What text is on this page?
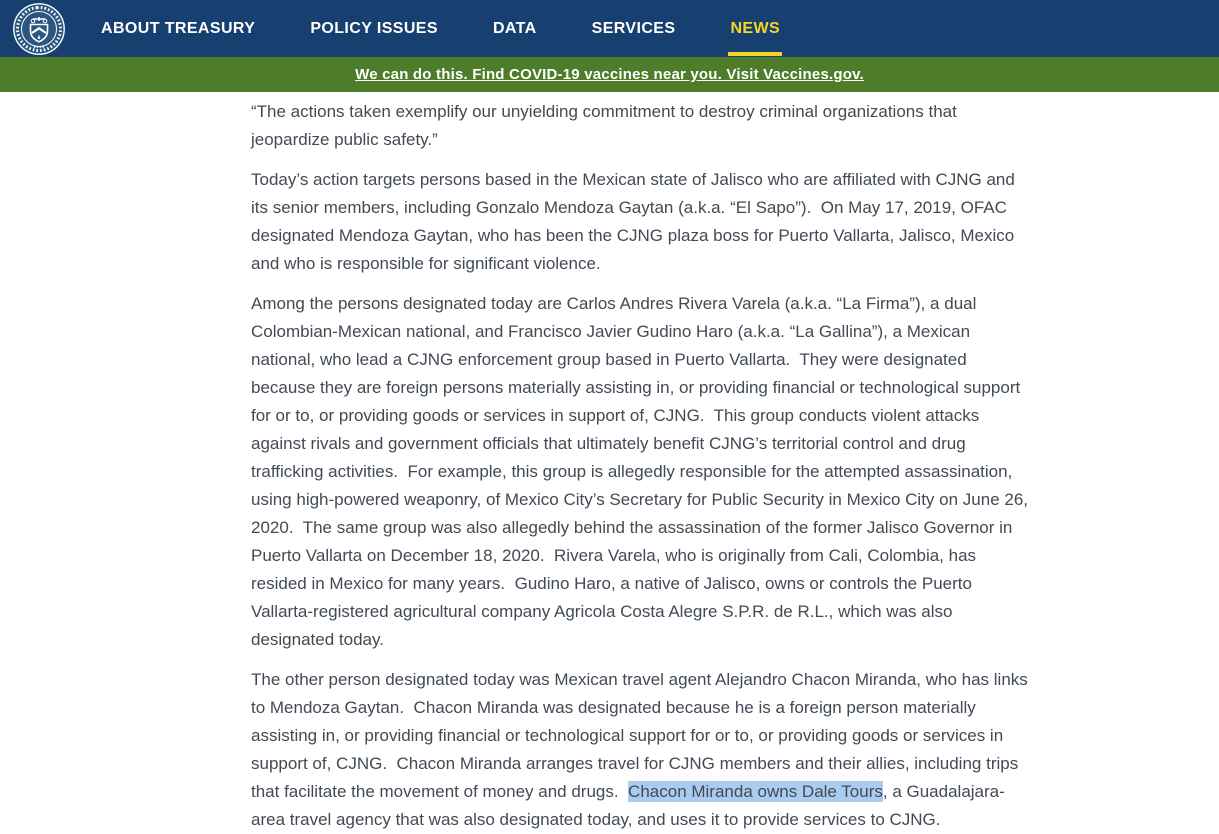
ABOUT TREASURY	POLICY ISSUES	DATA	SERVICES	NEWS
We can do this. Find COVID-19 vaccines near you. Visit Vaccines.gov.

“The actions taken exemplify our unyielding commitment to destroy criminal organizations that jeopardize public safety.”

Today’s action targets persons based in the Mexican state of Jalisco who are affiliated with CJNG and its senior members, including Gonzalo Mendoza Gaytan (a.k.a. “El Sapo”).  On May 17, 2019, OFAC designated Mendoza Gaytan, who has been the CJNG plaza boss for Puerto Vallarta, Jalisco, Mexico and who is responsible for significant violence.

Among the persons designated today are Carlos Andres Rivera Varela (a.k.a. “La Firma”), a dual Colombian-Mexican national, and Francisco Javier Gudino Haro (a.k.a. “La Gallina”), a Mexican national, who lead a CJNG enforcement group based in Puerto Vallarta.  They were designated because they are foreign persons materially assisting in, or providing financial or technological support for or to, or providing goods or services in support of, CJNG.  This group conducts violent attacks against rivals and government officials that ultimately benefit CJNG’s territorial control and drug trafficking activities.  For example, this group is allegedly responsible for the attempted assassination, using high-powered weaponry, of Mexico City’s Secretary for Public Security in Mexico City on June 26, 2020.  The same group was also allegedly behind the assassination of the former Jalisco Governor in Puerto Vallarta on December 18, 2020.  Rivera Varela, who is originally from Cali, Colombia, has resided in Mexico for many years.  Gudino Haro, a native of Jalisco, owns or controls the Puerto Vallarta-registered agricultural company Agricola Costa Alegre S.P.R. de R.L., which was also designated today.

The other person designated today was Mexican travel agent Alejandro Chacon Miranda, who has links to Mendoza Gaytan.  Chacon Miranda was designated because he is a foreign person materially assisting in, or providing financial or technological support for or to, or providing goods or services in support of, CJNG.  Chacon Miranda arranges travel for CJNG members and their allies, including trips that facilitate the movement of money and drugs.  Chacon Miranda owns Dale Tours, a Guadalajara-area travel agency that was also designated today, and uses it to provide services to CJNG.
